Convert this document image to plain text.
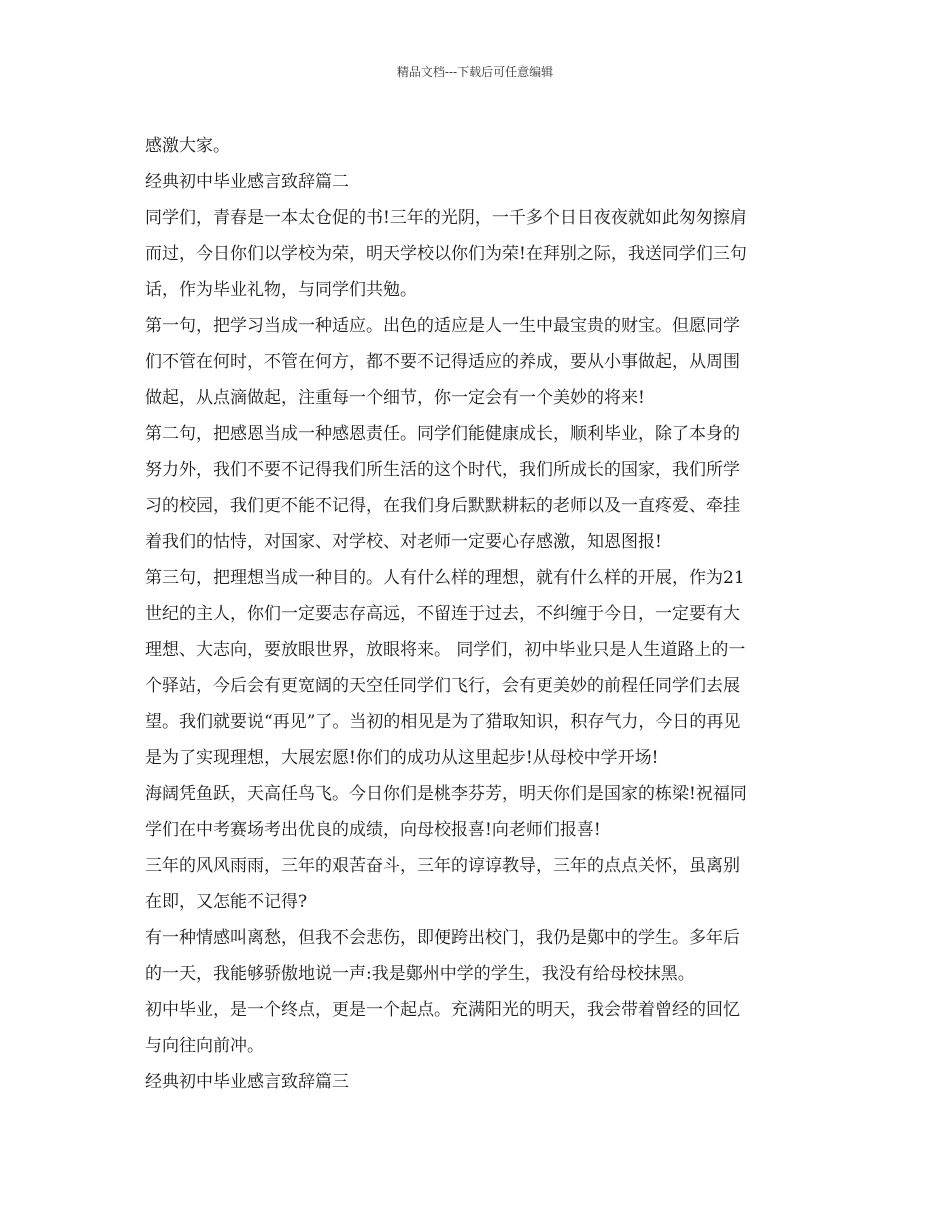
精品文档---下载后可任意编辑
感激大家。
经典初中毕业感言致辞篇二
同学们，青春是一本太仓促的书!三年的光阴，一千多个日日夜夜就如此匆匆擦肩
而过，今日你们以学校为荣，明天学校以你们为荣!在拜别之际，我送同学们三句
话，作为毕业礼物，与同学们共勉。
第一句，把学习当成一种适应。出色的适应是人一生中最宝贵的财宝。但愿同学
们不管在何时，不管在何方，都不要不记得适应的养成，要从小事做起，从周围
做起，从点滴做起，注重每一个细节，你一定会有一个美妙的将来!
第二句，把感恩当成一种感恩责任。同学们能健康成长，顺利毕业，除了本身的
努力外，我们不要不记得我们所生活的这个时代，我们所成长的国家，我们所学
习的校园，我们更不能不记得，在我们身后默默耕耘的老师以及一直疼爱、牵挂
着我们的怙恃，对国家、对学校、对老师一定要心存感激，知恩图报!
第三句，把理想当成一种目的。人有什么样的理想，就有什么样的开展，作为21
世纪的主人，你们一定要志存高远，不留连于过去，不纠缠于今日，一定要有大
理想、大志向，要放眼世界，放眼将来。 同学们，初中毕业只是人生道路上的一
个驿站，今后会有更宽阔的天空任同学们飞行，会有更美妙的前程任同学们去展
望。我们就要说“再见”了。当初的相见是为了猎取知识，积存气力，今日的再见
是为了实现理想，大展宏愿!你们的成功从这里起步!从母校中学开场!
海阔凭鱼跃，天高任鸟飞。今日你们是桃李芬芳，明天你们是国家的栋梁!祝福同
学们在中考赛场考出优良的成绩，向母校报喜!向老师们报喜!
三年的风风雨雨，三年的艰苦奋斗，三年的谆谆教导，三年的点点关怀，虽离别
在即，又怎能不记得?
有一种情感叫离愁，但我不会悲伤，即便跨出校门，我仍是鄚中的学生。多年后
的一天，我能够骄傲地说一声:我是鄚州中学的学生，我没有给母校抹黑。
初中毕业，是一个终点，更是一个起点。充满阳光的明天，我会带着曾经的回忆
与向往向前冲。
经典初中毕业感言致辞篇三
